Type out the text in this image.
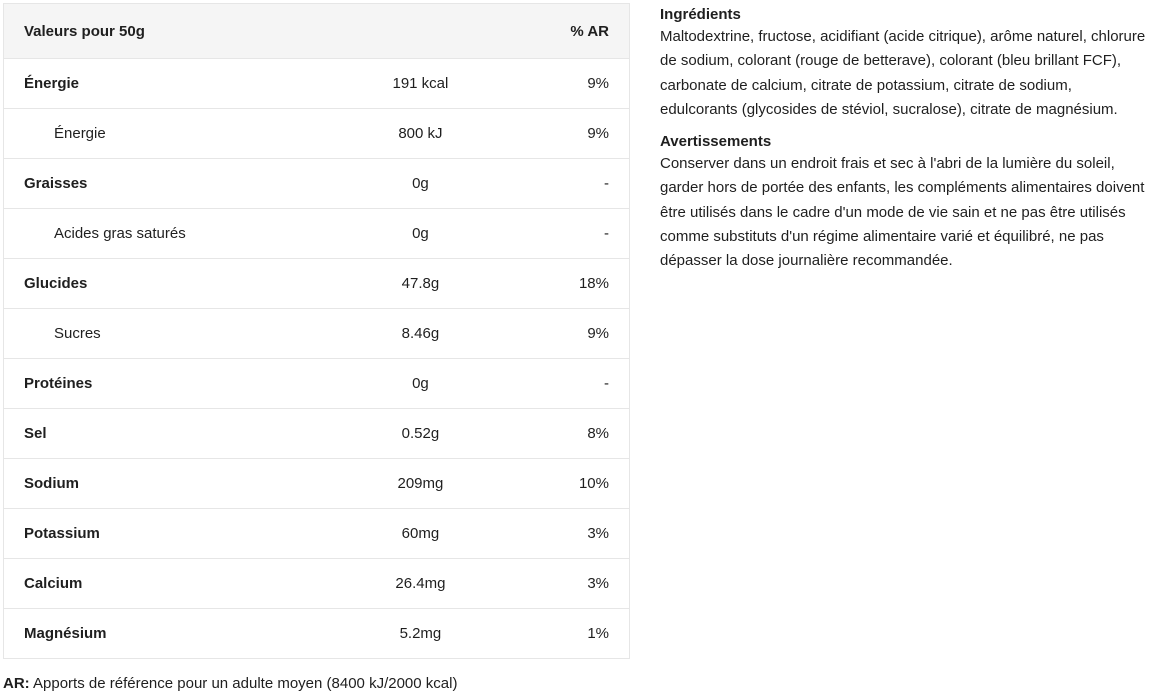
Valeurs pour 50g		% AR
Énergie	191 kcal	9%
Énergie	800 kJ	9%
Graisses	0g	-
Acides gras saturés	0g	-
Glucides	47.8g	18%
Sucres	8.46g	9%
Protéines	0g	-
Sel	0.52g	8%
Sodium	209mg	10%
Potassium	60mg	3%
Calcium	26.4mg	3%
Magnésium	5.2mg	1%
AR: Apports de référence pour un adulte moyen (8400 kJ/2000 kcal)
Ingrédients

Maltodextrine, fructose, acidifiant (acide citrique), arôme naturel, chlorure de sodium, colorant (rouge de betterave), colorant (bleu brillant FCF), carbonate de calcium, citrate de potassium, citrate de sodium, edulcorants (glycosides de stéviol, sucralose), citrate de magnésium.

Avertissements

Conserver dans un endroit frais et sec à l'abri de la lumière du soleil, garder hors de portée des enfants, les compléments alimentaires doivent être utilisés dans le cadre d'un mode de vie sain et ne pas être utilisés comme substituts d'un régime alimentaire varié et équilibré, ne pas dépasser la dose journalière recommandée.
